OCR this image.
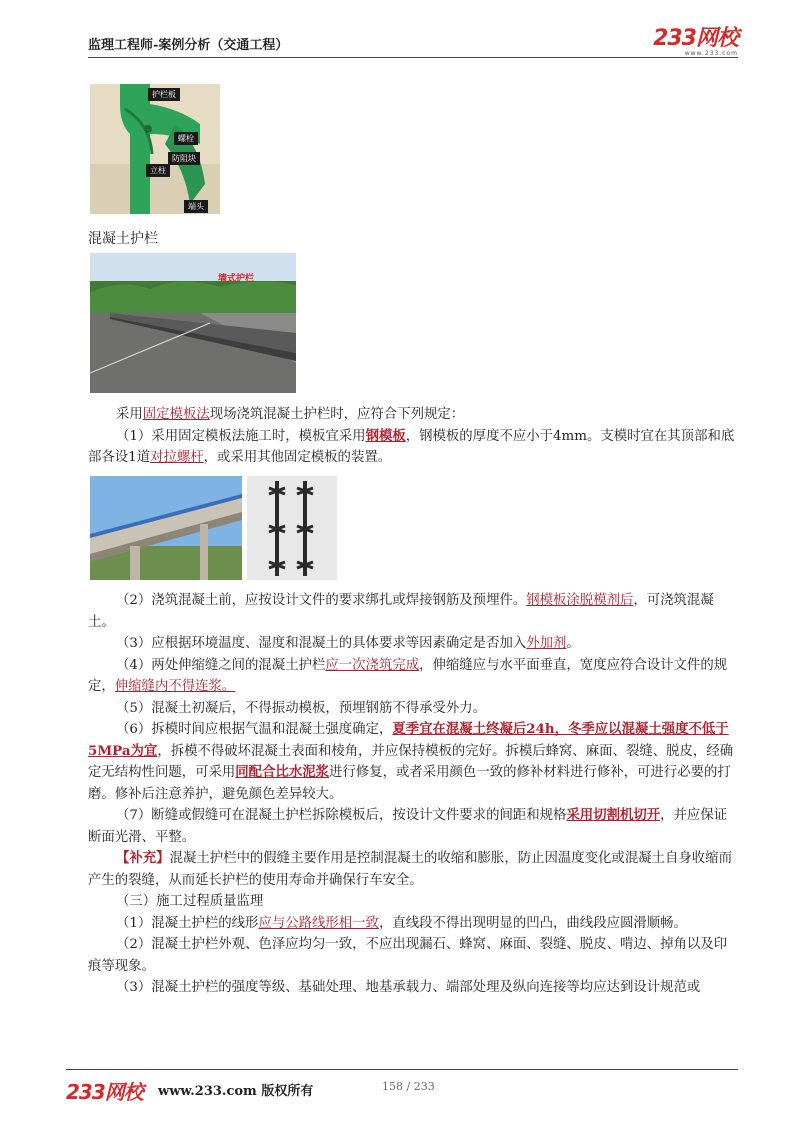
监理工程师-案例分析（交通工程）	233网校
www.233.com
护栏板
螺栓
防阻块
立柱
端头
混凝土护栏
墙式护栏

采用固定模板法现场浇筑混凝土护栏时，应符合下列规定：

（1）采用固定模板法施工时，模板宜采用钢模板，钢模板的厚度不应小于4mm。支模时宜在其顶部和底部各设1道对拉螺杆，或采用其他固定模板的装置。

（2）浇筑混凝土前，应按设计文件的要求绑扎或焊接钢筋及预埋件。钢模板涂脱模剂后，可浇筑混凝土。

（3）应根据环境温度、湿度和混凝土的具体要求等因素确定是否加入外加剂。

（4）两处伸缩缝之间的混凝土护栏应一次浇筑完成，伸缩缝应与水平面垂直，宽度应符合设计文件的规定，伸缩缝内不得连浆。

（5）混凝土初凝后，不得振动模板，预埋钢筋不得承受外力。

（6）拆模时间应根据气温和混凝土强度确定，夏季宜在混凝土终凝后24h，冬季应以混凝土强度不低于5MPa为宜，拆模不得破坏混凝土表面和棱角，并应保持模板的完好。拆模后蜂窝、麻面、裂缝、脱皮，经确定无结构性问题，可采用同配合比水泥浆进行修复，或者采用颜色一致的修补材料进行修补，可进行必要的打磨。修补后注意养护，避免颜色差异较大。

（7）断缝或假缝可在混凝土护栏拆除模板后，按设计文件要求的间距和规格采用切割机切开，并应保证断面光滑、平整。

【补充】混凝土护栏中的假缝主要作用是控制混凝土的收缩和膨胀，防止因温度变化或混凝土自身收缩而产生的裂缝，从而延长护栏的使用寿命并确保行车安全。

（三）施工过程质量监理

（1）混凝土护栏的线形应与公路线形相一致，直线段不得出现明显的凹凸，曲线段应圆滑顺畅。

（2）混凝土护栏外观、色泽应均匀一致，不应出现漏石、蜂窝、麻面、裂缝、脱皮、啃边、掉角以及印痕等现象。

（3）混凝土护栏的强度等级、基础处理、地基承载力、端部处理及纵向连接等均应达到设计规范或

233网校 www.233.com 版权所有	158 / 233
